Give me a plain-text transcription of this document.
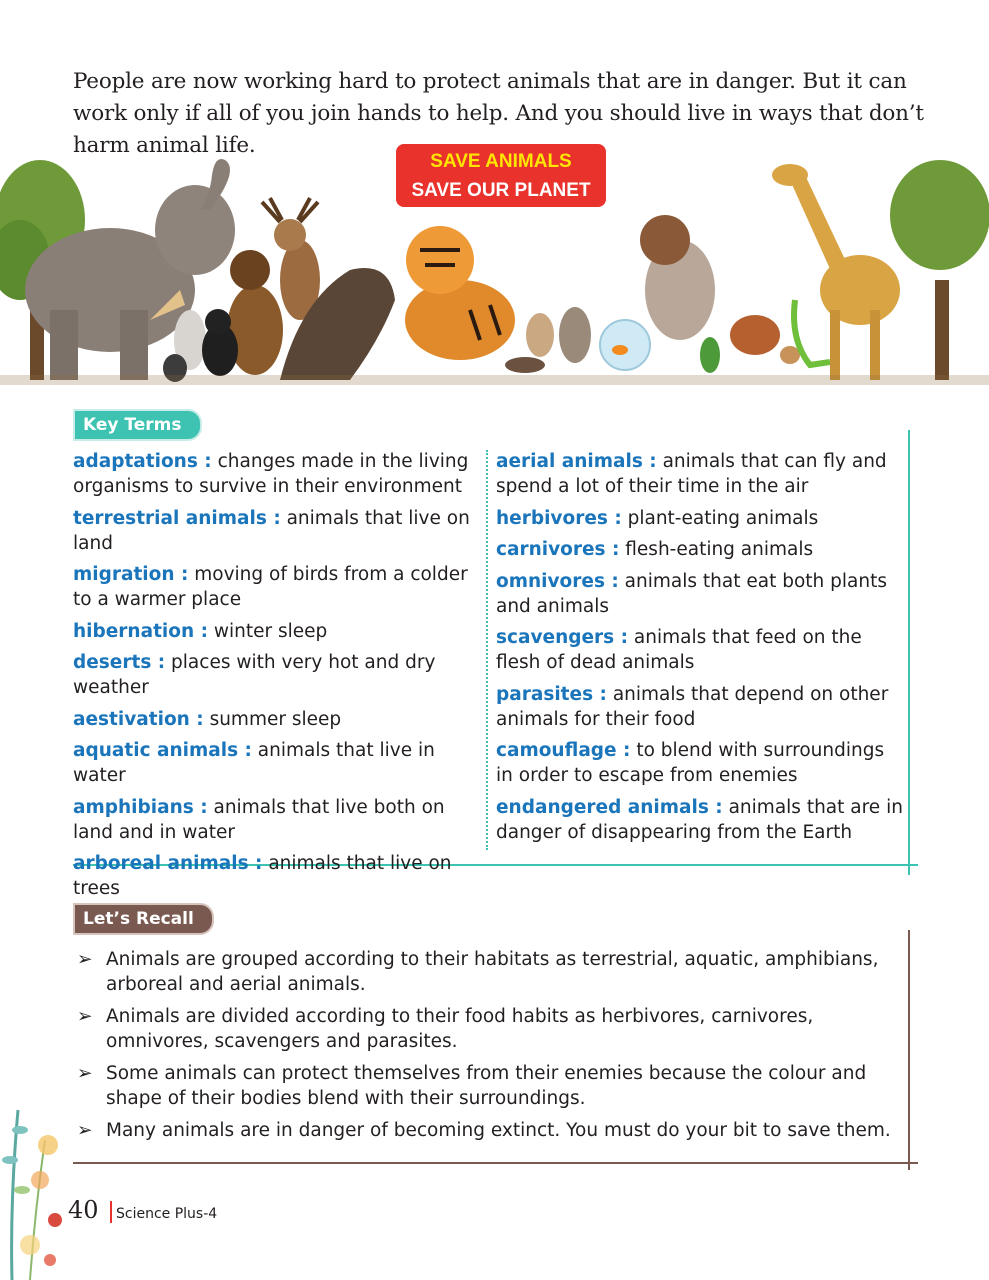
People are now working hard to protect animals that are in danger. But it can work only if all of you join hands to help. And you should live in ways that don’t harm animal life.

SAVE ANIMALS
SAVE OUR PLANET
Key Terms
adaptations : changes made in the living organisms to survive in their environment
terrestrial animals : animals that live on land
migration : moving of birds from a colder to a warmer place
hibernation : winter sleep
deserts : places with very hot and dry weather
aestivation : summer sleep
aquatic animals : animals that live in water
amphibians : animals that live both on land and in water
arboreal animals : animals that live on trees
aerial animals : animals that can fly and spend a lot of their time in the air
herbivores : plant-eating animals
carnivores : flesh-eating animals
omnivores : animals that eat both plants and animals
scavengers : animals that feed on the flesh of dead animals
parasites : animals that depend on other animals for their food
camouflage : to blend with surroundings in order to escape from enemies
endangered animals : animals that are in danger of disappearing from the Earth
Let’s Recall
➢ Animals are grouped according to their habitats as terrestrial, aquatic, amphibians, arboreal and aerial animals.
➢ Animals are divided according to their food habits as herbivores, carnivores, omnivores, scavengers and parasites.
➢ Some animals can protect themselves from their enemies because the colour and shape of their bodies blend with their surroundings.
➢ Many animals are in danger of becoming extinct. You must do your bit to save them.
40 Science Plus-4
